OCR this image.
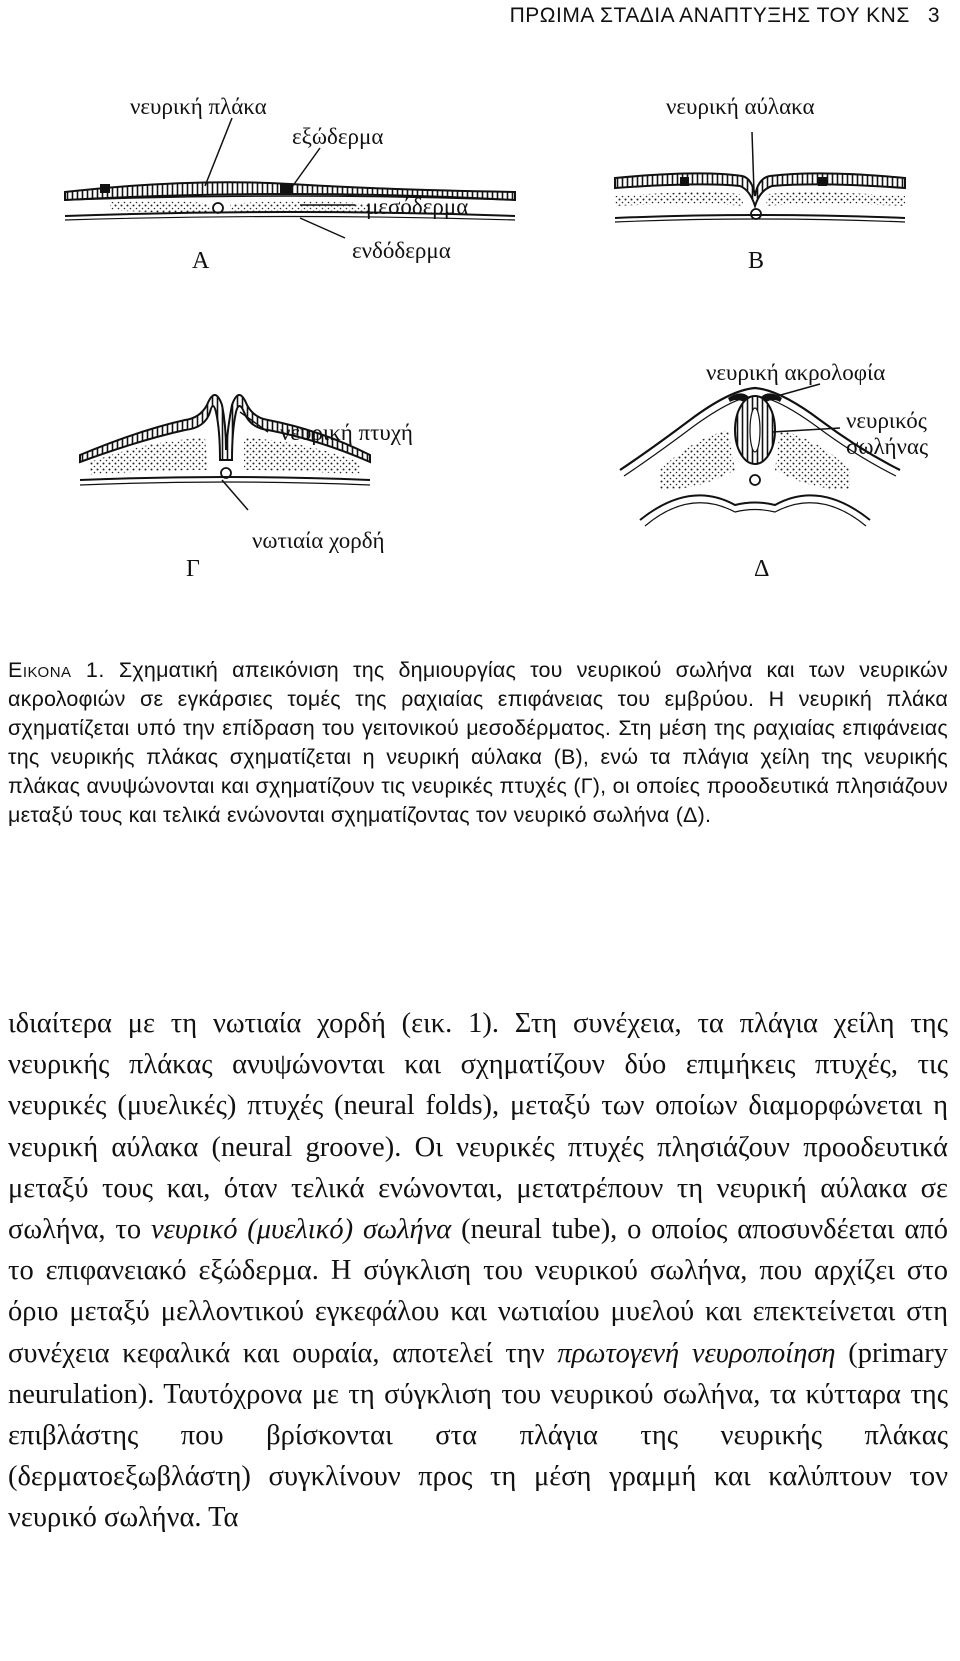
ΠΡΩΙΜΑ ΣΤΑΔΙΑ ΑΝΑΠΤΥΞΗΣ ΤΟΥ ΚΝΣ 3
νευρική πλάκα
εξώδερμα
μεσόδερμα
ενδόδερμα
Α
νευρική αύλακα
Β
νευρική ακρολοφία
νευρική πτυχή	νευρικός
σωλήνας
νωτιαία χορδή
Γ	Δ
Εικονα 1. Σχηματική απεικόνιση της δημιουργίας του νευρικού σωλήνα και των νευρικών ακρολοφιών σε εγκάρσιες τομές της ραχιαίας επιφάνειας του εμβρύου. Η νευρική πλάκα σχηματίζεται υπό την επίδραση του γειτονικού μεσοδέρματος. Στη μέση της ραχιαίας επιφάνειας της νευρικής πλάκας σχηματίζεται η νευρική αύλακα (Β), ενώ τα πλάγια χείλη της νευρικής πλάκας ανυψώνονται και σχηματίζουν τις νευρικές πτυχές (Γ), οι οποίες προοδευτικά πλησιάζουν μεταξύ τους και τελικά ενώνονται σχηματίζοντας τον νευρικό σωλήνα (Δ).

ιδιαίτερα με τη νωτιαία χορδή (εικ. 1). Στη συνέχεια, τα πλάγια χείλη της νευρικής πλάκας ανυψώνονται και σχηματίζουν δύο επιμήκεις πτυχές, τις νευρικές (μυελικές) πτυχές (neural folds), μεταξύ των οποίων διαμορφώνεται η νευρική αύλακα (neural groove). Οι νευρικές πτυχές πλησιάζουν προοδευτικά μεταξύ τους και, όταν τελικά ενώνονται, μετατρέπουν τη νευρική αύλακα σε σωλήνα, το νευρικό (μυελικό) σωλήνα (neural tube), ο οποίος αποσυνδέεται από το επιφανειακό εξώδερμα. Η σύγκλιση του νευρικού σωλήνα, που αρχίζει στο όριο μεταξύ μελλοντικού εγκεφάλου και νωτιαίου μυελού και επεκτείνεται στη συνέχεια κεφαλικά και ουραία, αποτελεί την πρωτογενή νευροποίηση (primary neurulation). Ταυτόχρονα με τη σύγκλιση του νευρικού σωλήνα, τα κύτταρα της επιβλάστης που βρίσκονται στα πλάγια της νευρικής πλάκας (δερματοεξωβλάστη) συγκλίνουν προς τη μέση γραμμή και καλύπτουν τον νευρικό σωλήνα. Τα
